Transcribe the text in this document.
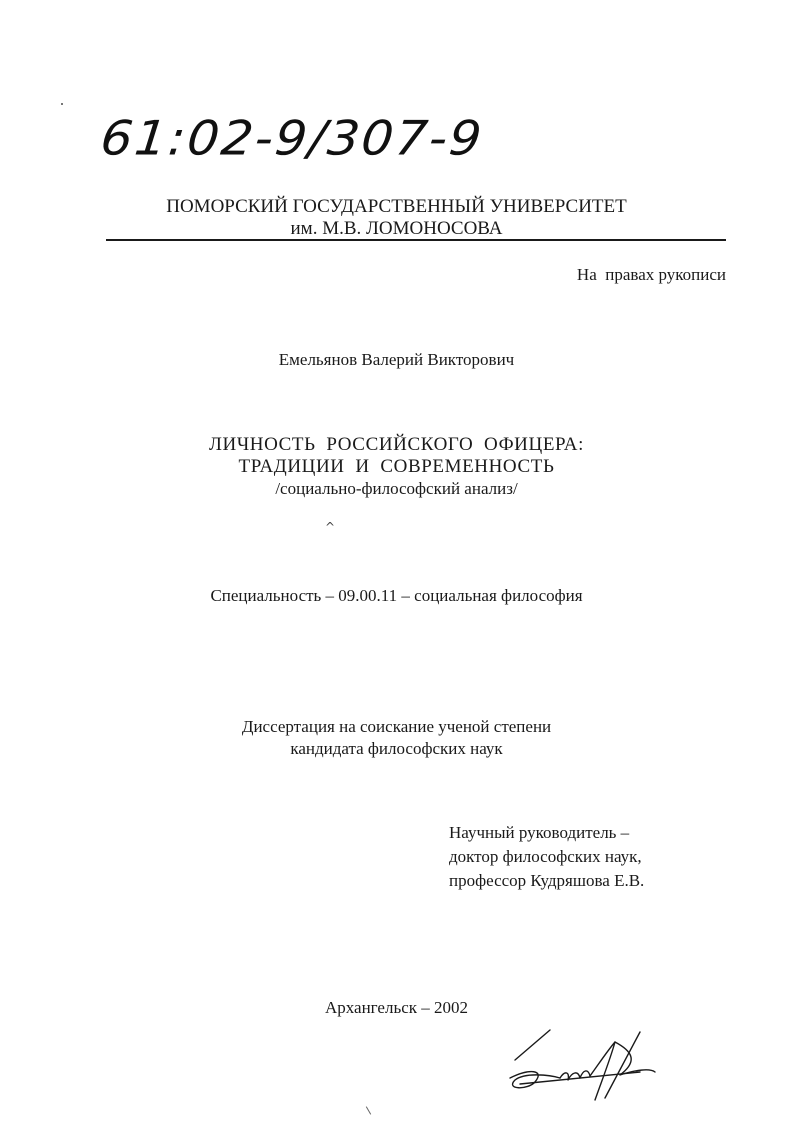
61:02-9/307-9
ПОМОРСКИЙ ГОСУДАРСТВЕННЫЙ УНИВЕРСИТЕТ
им. М.В. ЛОМОНОСОВА
На  правах рукописи
Емельянов Валерий Викторович
ЛИЧНОСТЬ  РОССИЙСКОГО  ОФИЦЕРА:
ТРАДИЦИИ  И  СОВРЕМЕННОСТЬ
/социально-философский анализ/
^
Специальность – 09.00.11 – социальная философия
Диссертация на соискание ученой степени
кандидата философских наук
Научный руководитель –
доктор философских наук,
профессор Кудряшова Е.В.
Архангельск – 2002
